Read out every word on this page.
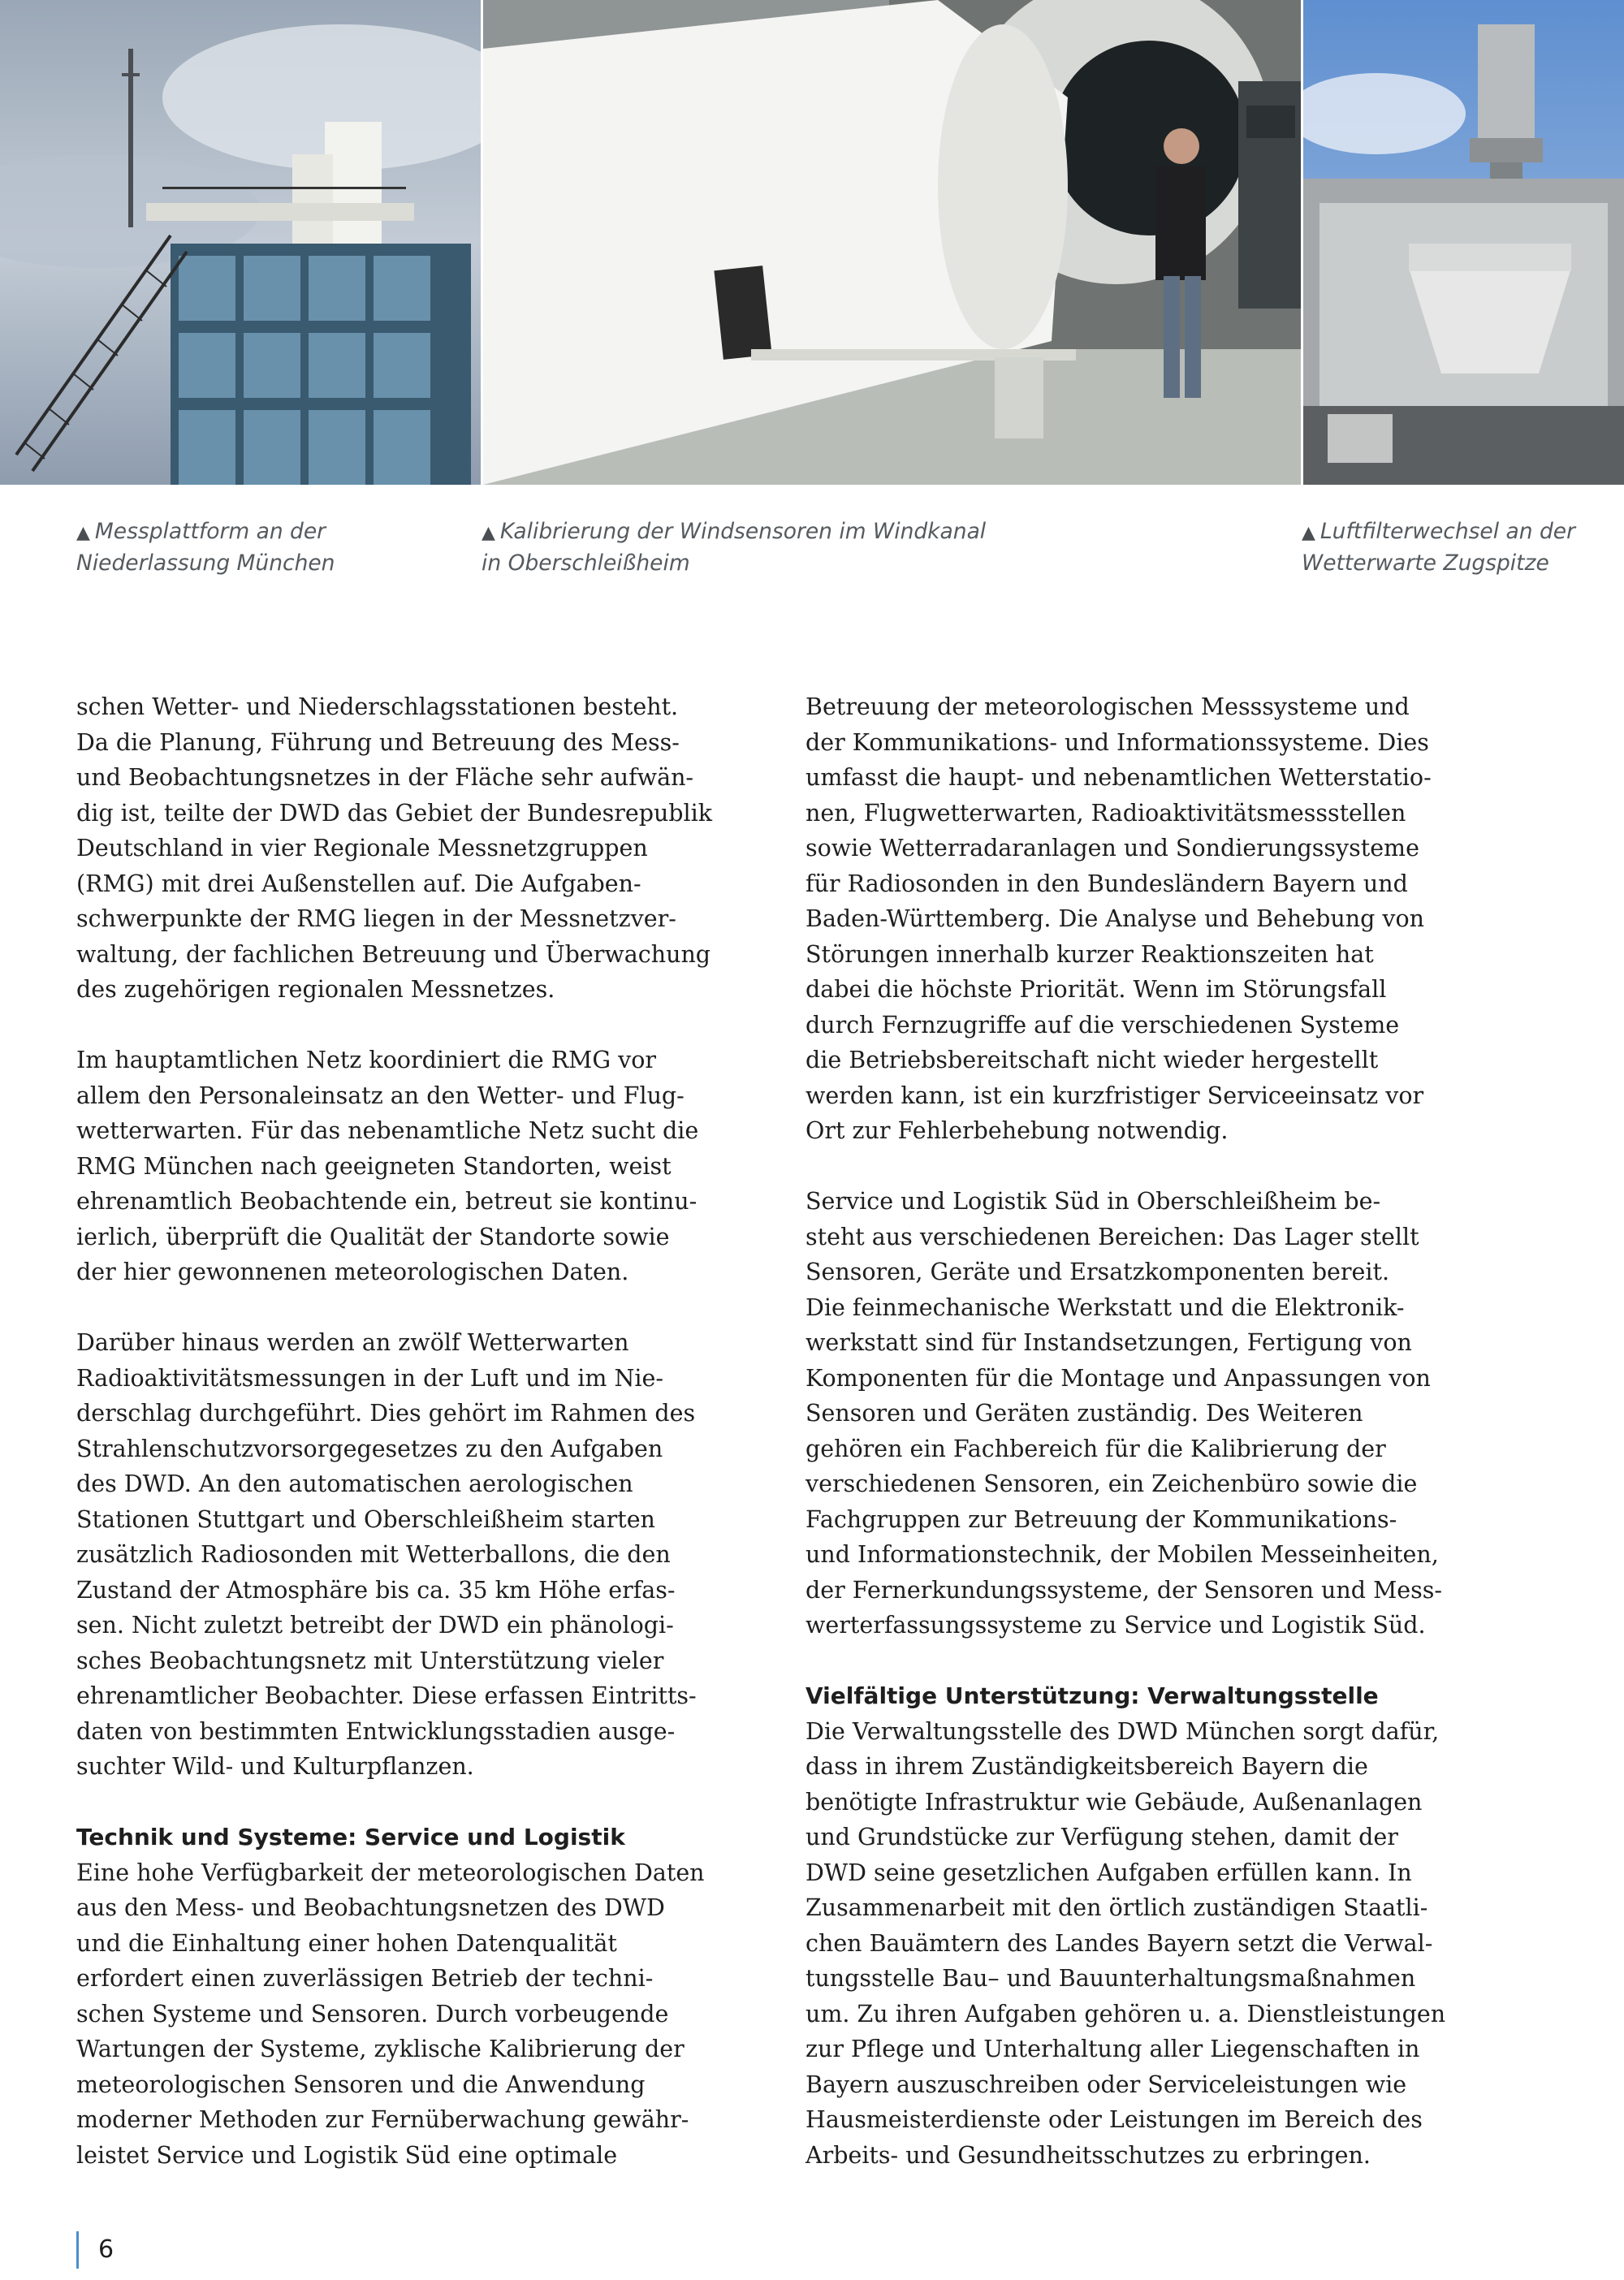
▲ Messplattform an der
Niederlassung München
▲ Kalibrierung der Windsensoren im Windkanal
in Oberschleißheim
▲ Luftfilterwechsel an der
Wetterwarte Zugspitze
schen Wetter- und Niederschlagsstationen besteht.
Da die Planung, Führung und Betreuung des Mess-
und Beobachtungsnetzes in der Fläche sehr aufwän-
dig ist, teilte der DWD das Gebiet der Bundesrepublik
Deutschland in vier Regionale Messnetzgruppen
(RMG) mit drei Außenstellen auf. Die Aufgaben-
schwerpunkte der RMG liegen in der Messnetzver-
waltung, der fachlichen Betreuung und Überwachung
des zugehörigen regionalen Messnetzes.
Im hauptamtlichen Netz koordiniert die RMG vor
allem den Personaleinsatz an den Wetter- und Flug-
wetterwarten. Für das nebenamtliche Netz sucht die
RMG München nach geeigneten Standorten, weist
ehrenamtlich Beobachtende ein, betreut sie kontinu-
ierlich, überprüft die Qualität der Standorte sowie
der hier gewonnenen meteorologischen Daten.
Darüber hinaus werden an zwölf Wetterwarten
Radioaktivitätsmessungen in der Luft und im Nie-
derschlag durchgeführt. Dies gehört im Rahmen des
Strahlenschutzvorsorgegesetzes zu den Aufgaben
des DWD. An den automatischen aerologischen
Stationen Stuttgart und Oberschleißheim starten
zusätzlich Radiosonden mit Wetterballons, die den
Zustand der Atmosphäre bis ca. 35 km Höhe erfas-
sen. Nicht zuletzt betreibt der DWD ein phänologi-
sches Beobachtungsnetz mit Unterstützung vieler
ehrenamtlicher Beobachter. Diese erfassen Eintritts-
daten von bestimmten Entwicklungsstadien ausge-
suchter Wild- und Kulturpflanzen.
Technik und Systeme: Service und Logistik
Eine hohe Verfügbarkeit der meteorologischen Daten
aus den Mess- und Beobachtungsnetzen des DWD
und die Einhaltung einer hohen Datenqualität
erfordert einen zuverlässigen Betrieb der techni-
schen Systeme und Sensoren. Durch vorbeugende
Wartungen der Systeme, zyklische Kalibrierung der
meteorologischen Sensoren und die Anwendung
moderner Methoden zur Fernüberwachung gewähr-
leistet Service und Logistik Süd eine optimale
Betreuung der meteorologischen Messsysteme und
der Kommunikations- und Informationssysteme. Dies
umfasst die haupt- und nebenamtlichen Wetterstatio-
nen, Flugwetterwarten, Radioaktivitätsmessstellen
sowie Wetterradaranlagen und Sondierungssysteme
für Radiosonden in den Bundesländern Bayern und
Baden-Württemberg. Die Analyse und Behebung von
Störungen innerhalb kurzer Reaktionszeiten hat
dabei die höchste Priorität. Wenn im Störungsfall
durch Fernzugriffe auf die verschiedenen Systeme
die Betriebsbereitschaft nicht wieder hergestellt
werden kann, ist ein kurzfristiger Serviceeinsatz vor
Ort zur Fehlerbehebung notwendig.
Service und Logistik Süd in Oberschleißheim be-
steht aus verschiedenen Bereichen: Das Lager stellt
Sensoren, Geräte und Ersatzkomponenten bereit.
Die feinmechanische Werkstatt und die Elektronik-
werkstatt sind für Instandsetzungen, Fertigung von
Komponenten für die Montage und Anpassungen von
Sensoren und Geräten zuständig. Des Weiteren
gehören ein Fachbereich für die Kalibrierung der
verschiedenen Sensoren, ein Zeichenbüro sowie die
Fachgruppen zur Betreuung der Kommunikations-
und Informationstechnik, der Mobilen Messeinheiten,
der Fernerkundungssysteme, der Sensoren und Mess-
werterfassungssysteme zu Service und Logistik Süd.
Vielfältige Unterstützung: Verwaltungsstelle
Die Verwaltungsstelle des DWD München sorgt dafür,
dass in ihrem Zuständigkeitsbereich Bayern die
benötigte Infrastruktur wie Gebäude, Außenanlagen
und Grundstücke zur Verfügung stehen, damit der
DWD seine gesetzlichen Aufgaben erfüllen kann. In
Zusammenarbeit mit den örtlich zuständigen Staatli-
chen Bauämtern des Landes Bayern setzt die Verwal-
tungsstelle Bau– und Bauunterhaltungsmaßnahmen
um. Zu ihren Aufgaben gehören u. a. Dienstleistungen
zur Pflege und Unterhaltung aller Liegenschaften in
Bayern auszuschreiben oder Serviceleistungen wie
Hausmeisterdienste oder Leistungen im Bereich des
Arbeits- und Gesundheitsschutzes zu erbringen.
6
